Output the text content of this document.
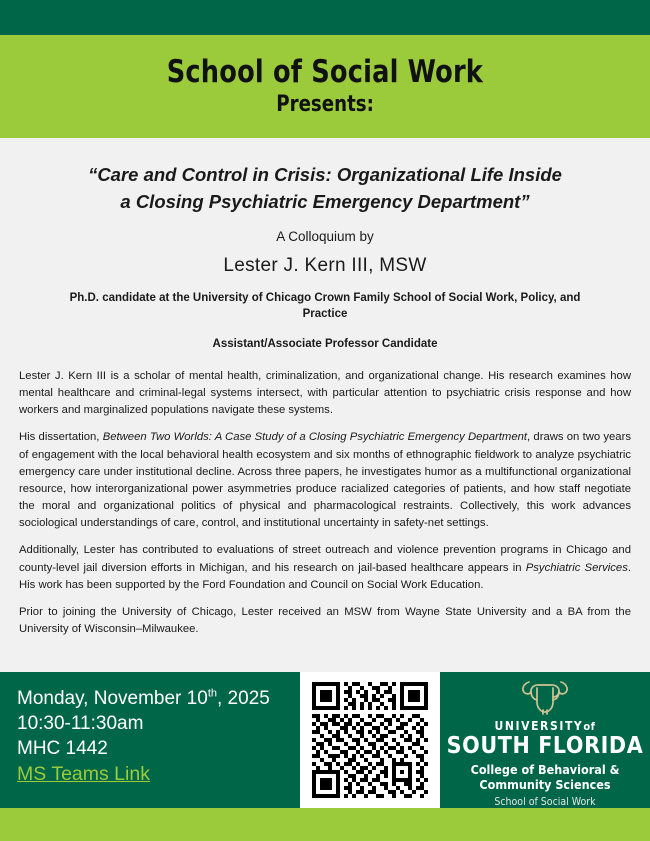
School of Social Work
Presents:
“Care and Control in Crisis: Organizational Life Inside
a Closing Psychiatric Emergency Department”
A Colloquium by
Lester J. Kern III, MSW
Ph.D. candidate at the University of Chicago Crown Family School of Social Work, Policy, and Practice
Assistant/Associate Professor Candidate

Lester J. Kern III is a scholar of mental health, criminalization, and organizational change. His research examines how mental healthcare and criminal-legal systems intersect, with particular attention to psychiatric crisis response and how workers and marginalized populations navigate these systems.

His dissertation, Between Two Worlds: A Case Study of a Closing Psychiatric Emergency Department, draws on two years of engagement with the local behavioral health ecosystem and six months of ethnographic fieldwork to analyze psychiatric emergency care under institutional decline. Across three papers, he investigates humor as a multifunctional organizational resource, how interorganizational power asymmetries produce racialized categories of patients, and how staff negotiate the moral and organizational politics of physical and pharmacological restraints. Collectively, this work advances sociological understandings of care, control, and institutional uncertainty in safety-net settings.

Additionally, Lester has contributed to evaluations of street outreach and violence prevention programs in Chicago and county-level jail diversion efforts in Michigan, and his research on jail-based healthcare appears in Psychiatric Services. His work has been supported by the Ford Foundation and Council on Social Work Education.

Prior to joining the University of Chicago, Lester received an MSW from Wayne State University and a BA from the University of Wisconsin–Milwaukee.

Monday, November 10th, 2025
10:30-11:30am
MHC 1442
MS Teams Link
UNIVERSITYof
SOUTH FLORIDA
College of Behavioral &
Community Sciences
School of Social Work
